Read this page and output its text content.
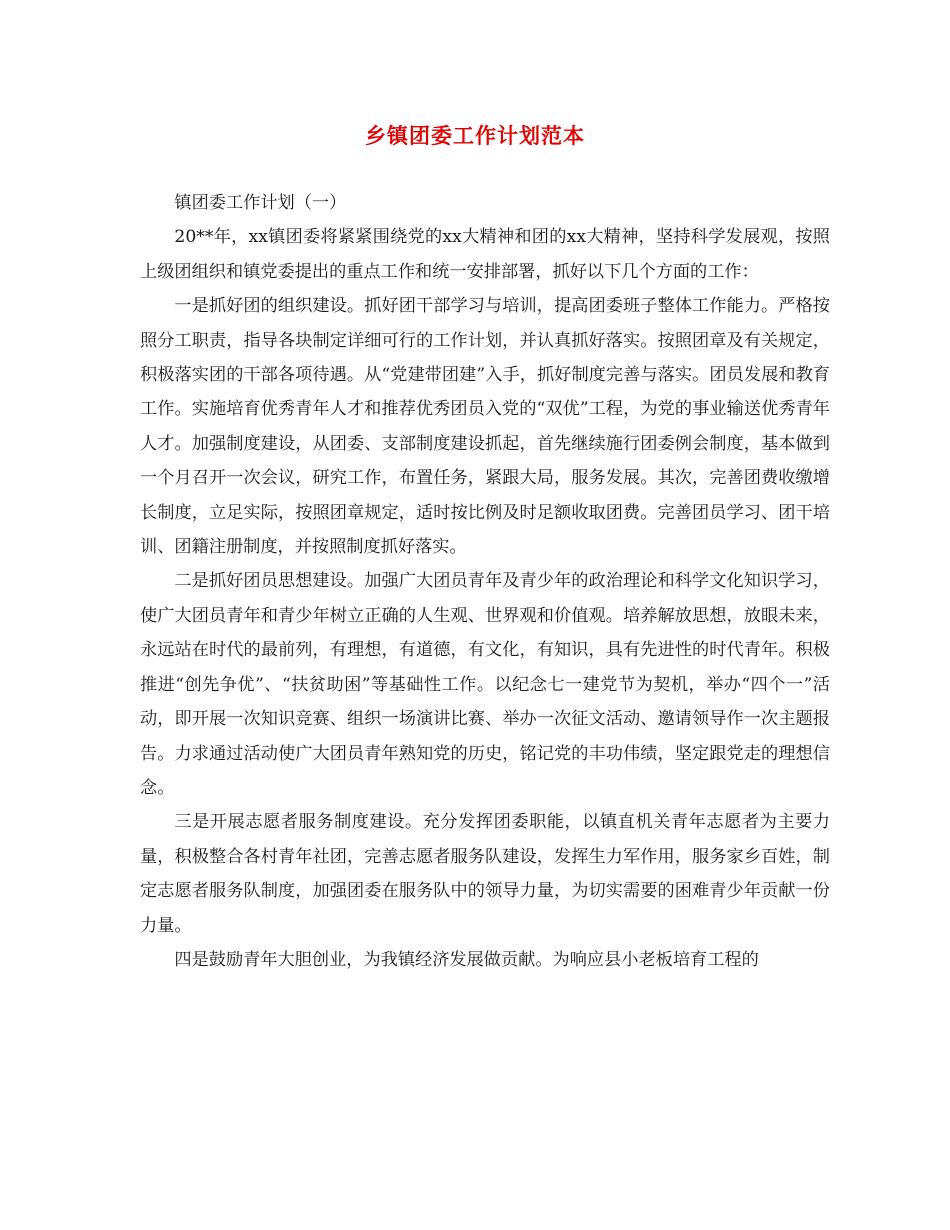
乡镇团委工作计划范本

镇团委工作计划（一）

20**年，xx镇团委将紧紧围绕党的xx大精神和团的xx大精神，坚持科学发展观，按照上级团组织和镇党委提出的重点工作和统一安排部署，抓好以下几个方面的工作：

一是抓好团的组织建设。抓好团干部学习与培训，提高团委班子整体工作能力。严格按照分工职责，指导各块制定详细可行的工作计划，并认真抓好落实。按照团章及有关规定，积极落实团的干部各项待遇。从“党建带团建”入手，抓好制度完善与落实。团员发展和教育工作。实施培育优秀青年人才和推荐优秀团员入党的“双优”工程，为党的事业输送优秀青年人才。加强制度建设，从团委、支部制度建设抓起，首先继续施行团委例会制度，基本做到一个月召开一次会议，研究工作，布置任务，紧跟大局，服务发展。其次，完善团费收缴增长制度，立足实际，按照团章规定，适时按比例及时足额收取团费。完善团员学习、团干培训、团籍注册制度，并按照制度抓好落实。

二是抓好团员思想建设。加强广大团员青年及青少年的政治理论和科学文化知识学习，使广大团员青年和青少年树立正确的人生观、世界观和价值观。培养解放思想，放眼未来，永远站在时代的最前列，有理想，有道德，有文化，有知识，具有先进性的时代青年。积极推进“创先争优”、“扶贫助困”等基础性工作。以纪念七一建党节为契机，举办“四个一”活动，即开展一次知识竞赛、组织一场演讲比赛、举办一次征文活动、邀请领导作一次主题报告。力求通过活动使广大团员青年熟知党的历史，铭记党的丰功伟绩，坚定跟党走的理想信念。

三是开展志愿者服务制度建设。充分发挥团委职能，以镇直机关青年志愿者为主要力量，积极整合各村青年社团，完善志愿者服务队建设，发挥生力军作用，服务家乡百姓，制定志愿者服务队制度，加强团委在服务队中的领导力量，为切实需要的困难青少年贡献一份力量。

四是鼓励青年大胆创业，为我镇经济发展做贡献。为响应县小老板培育工程的
